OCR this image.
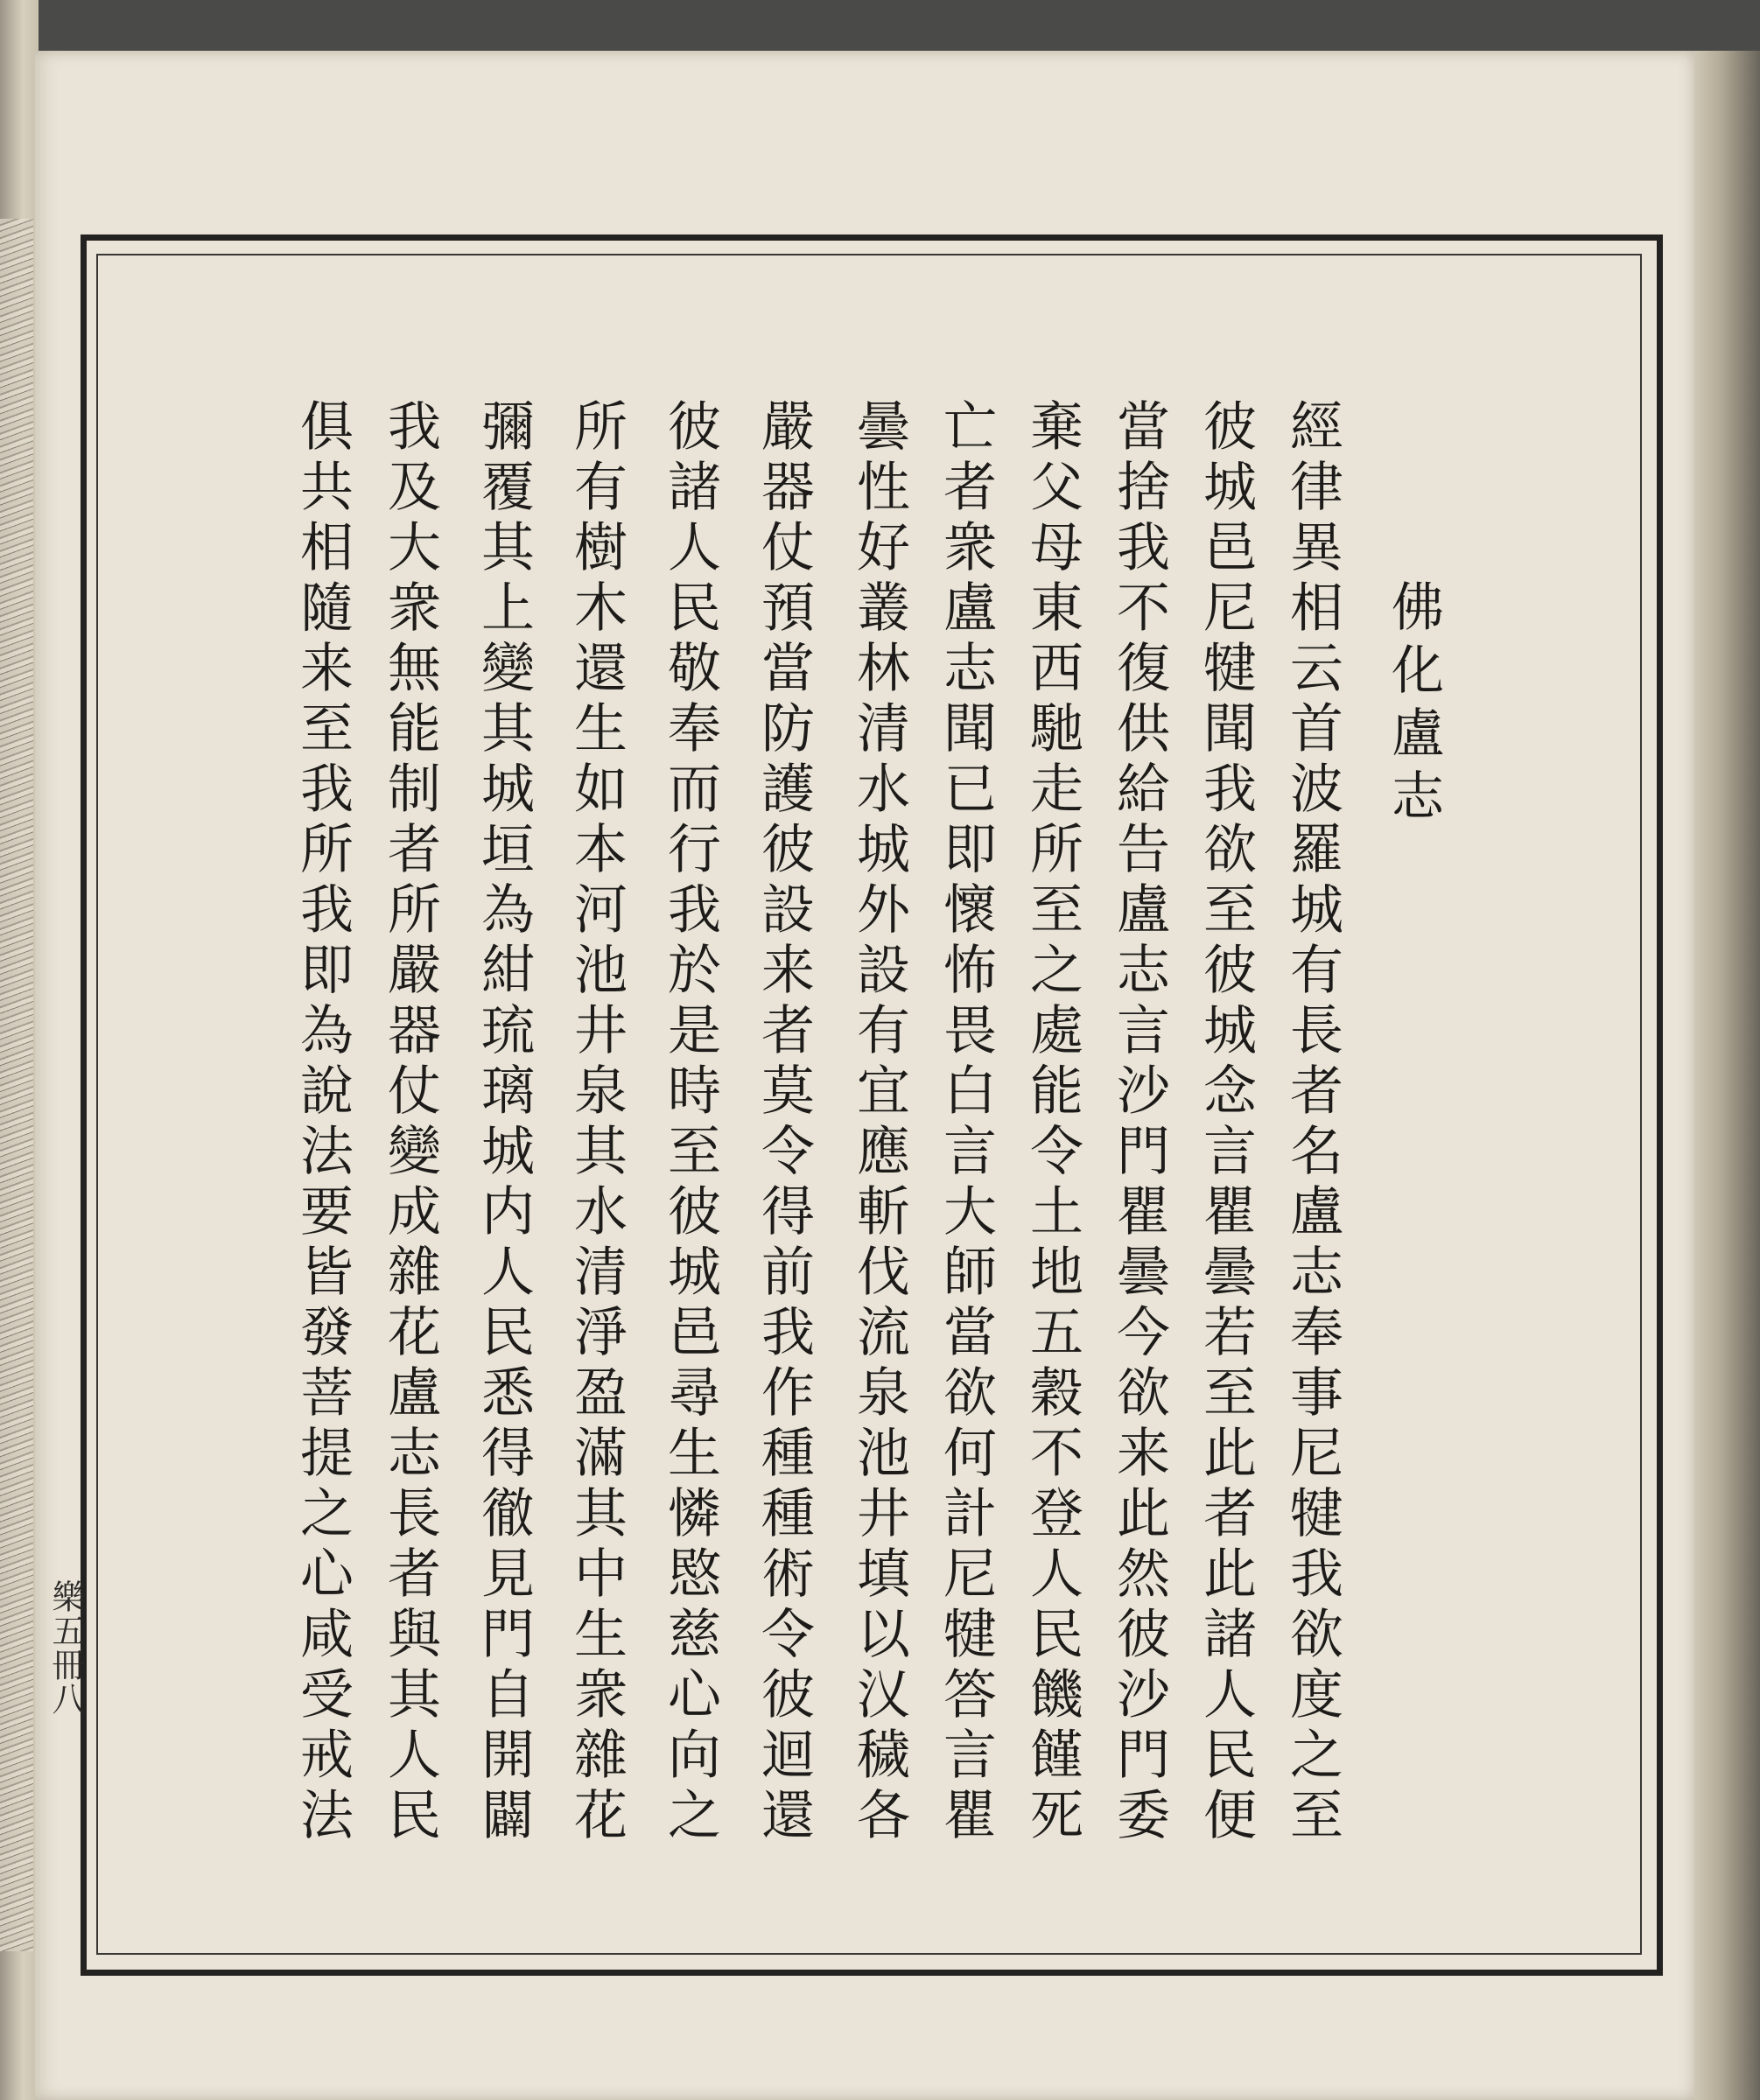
佛化盧志
經律異相云首波羅城有長者名盧志奉事尼犍我欲度之至
彼城邑尼犍聞我欲至彼城念言瞿曇若至此者此諸人民便
當捨我不復供給告盧志言沙門瞿曇今欲来此然彼沙門委
棄父母東西馳走所至之處能令土地五穀不登人民饑饉死
亡者衆盧志聞已即懷怖畏白言大師當欲何計尼犍答言瞿
曇性好叢林清水城外設有宜應斬伐流泉池井填以㲼穢各
嚴器仗預當防護彼設来者莫令得前我作種種術令彼迴還
彼諸人民敬奉而行我於是時至彼城邑尋生憐愍慈心向之
所有樹木還生如本河池井泉其水清淨盈滿其中生衆雜花
彌覆其上變其城垣為紺琉璃城内人民悉得徹見門自開闢
我及大衆無能制者所嚴器仗變成雜花盧志長者與其人民
俱共相隨来至我所我即為說法要皆發菩提之心咸受戒法
樂五冊八
